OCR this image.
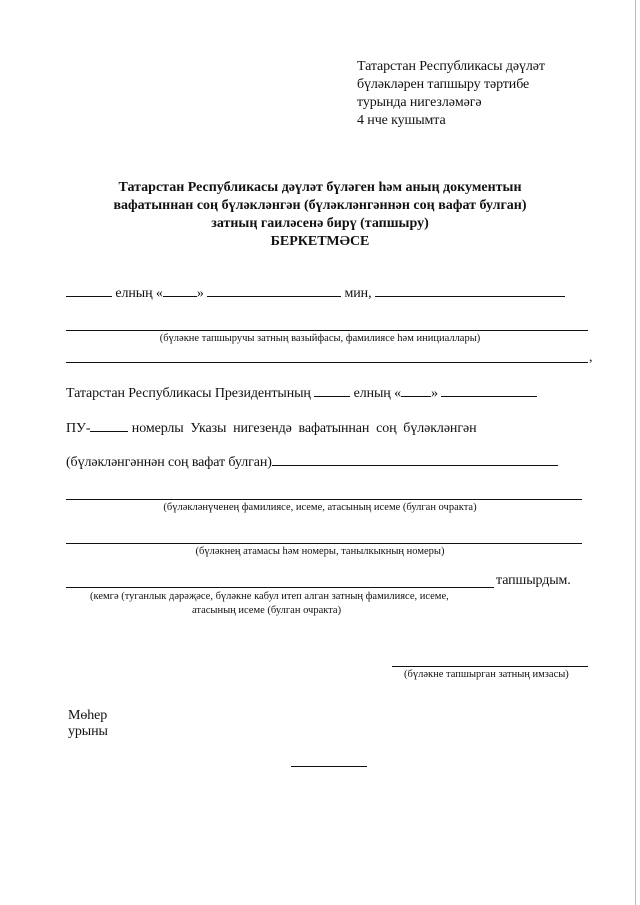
Татарстан Республикасы дәүләт
бүләкләрен тапшыру тәртибе
турында нигезләмәгә
4 нче кушымта
Татарстан Республикасы дәүләт бүләген һәм аның документын
вафатыннан соң бүләкләнгән (бүләкләнгәннән соң вафат булган)
затның гаиләсенә бирү (тапшыру)
БЕРКЕТМӘСЕ
елның « »	мин,
(бүләкне тапшыручы затның вазыйфасы, фамилиясе һәм инициаллары)
,
Татарстан Республикасы Президентының	елның « »
ПУ-	номерлы  Указы  нигезендә  вафатыннан  соң  бүләкләнгән
(бүләкләнгәннән соң вафат булган)
(бүләкләнүченең фамилиясе, исеме, атасының исеме (булган очракта)
(бүләкнең атамасы һәм номеры, танылкыкның номеры)
тапшырдым.
(кемгә (туганлык дәрәҗәсе, бүләкне кабул итеп алган затның фамилиясе, исеме,
атасының исеме (булган очракта)
(бүләкне тапшырган затның имзасы)
Мөһер
урыны
